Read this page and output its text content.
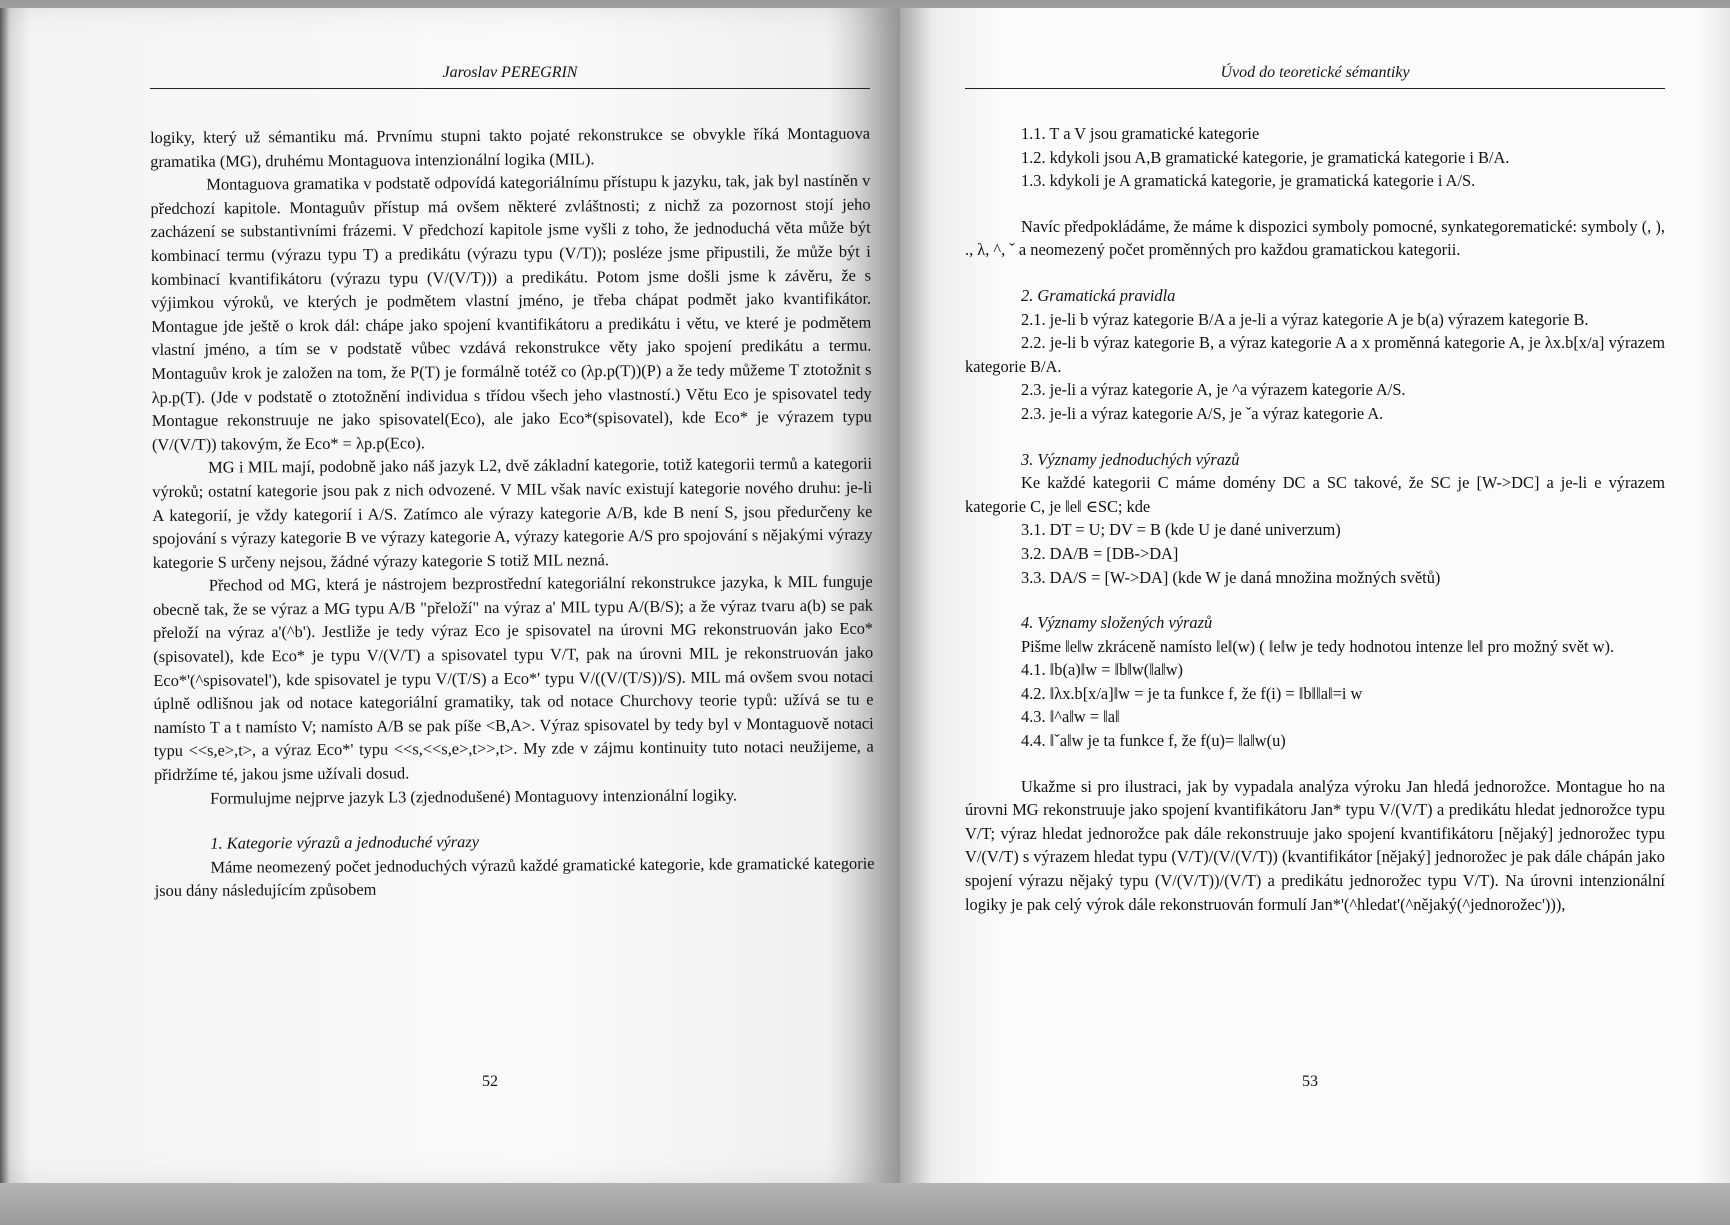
Jaroslav PEREGRIN	Úvod do teoretické sémantiky

logiky, který už sémantiku má. Prvnímu stupni takto pojaté rekonstrukce se obvykle říká Montaguova gramatika (MG), druhému Montaguova intenzionální logika (MIL).

Montaguova gramatika v podstatě odpovídá kategoriálnímu přístupu k jazyku, tak, jak byl nastíněn v předchozí kapitole. Montaguův přístup má ovšem některé zvláštnosti; z nichž za pozornost stojí jeho zacházení se substantivními frázemi. V předchozí kapitole jsme vyšli z toho, že jednoduchá věta může být kombinací termu (výrazu typu T) a predikátu (výrazu typu (V/T)); posléze jsme připustili, že může být i kombinací kvantifikátoru (výrazu typu (V/(V/T))) a predikátu. Potom jsme došli jsme k závěru, že s výjimkou výroků, ve kterých je podmětem vlastní jméno, je třeba chápat podmět jako kvantifikátor. Montague jde ještě o krok dál: chápe jako spojení kvantifikátoru a predikátu i větu, ve které je podmětem vlastní jméno, a tím se v podstatě vůbec vzdává rekonstrukce věty jako spojení predikátu a termu. Montaguův krok je založen na tom, že P(T) je formálně totéž co (λp.p(T))(P) a že tedy můžeme T ztotožnit s λp.p(T). (Jde v podstatě o ztotožnění individua s třídou všech jeho vlastností.) Větu Eco je spisovatel tedy Montague rekonstruuje ne jako spisovatel(Eco), ale jako Eco*(spisovatel), kde Eco* je výrazem typu (V/(V/T)) takovým, že Eco* = λp.p(Eco).

MG i MIL mají, podobně jako náš jazyk L2, dvě základní kategorie, totiž kategorii termů a kategorii výroků; ostatní kategorie jsou pak z nich odvozené. V MIL však navíc existují kategorie nového druhu: je-li A kategorií, je vždy kategorií i A/S. Zatímco ale výrazy kategorie A/B, kde B není S, jsou předurčeny ke spojování s výrazy kategorie B ve výrazy kategorie A, výrazy kategorie A/S pro spojování s nějakými výrazy kategorie S určeny nejsou, žádné výrazy kategorie S totiž MIL nezná.

Přechod od MG, která je nástrojem bezprostřední kategoriální rekonstrukce jazyka, k MIL funguje obecně tak, že se výraz a MG typu A/B "přeloží" na výraz a' MIL typu A/(B/S); a že výraz tvaru a(b) se pak přeloží na výraz a'(^b'). Jestliže je tedy výraz Eco je spisovatel na úrovni MG rekonstruován jako Eco*(spisovatel), kde Eco* je typu V/(V/T) a spisovatel typu V/T, pak na úrovni MIL je rekonstruován jako Eco*'(^spisovatel'), kde spisovatel je typu V/(T/S) a Eco*' typu V/((V/(T/S))/S). MIL má ovšem svou notaci úplně odlišnou jak od notace kategoriální gramatiky, tak od notace Churchovy teorie typů: užívá se tu e namísto T a t namísto V; namísto A/B se pak píše <B,A>. Výraz spisovatel by tedy byl v Montaguově notaci typu <<s,e>,t>, a výraz Eco*' typu <<s,<<s,e>,t>>,t>. My zde v zájmu kontinuity tuto notaci neužijeme, a přidržíme té, jakou jsme užívali dosud.

Formulujme nejprve jazyk L3 (zjednodušené) Montaguovy intenzionální logiky.

1. Kategorie výrazů a jednoduché výrazy

Máme neomezený počet jednoduchých výrazů každé gramatické kategorie, kde gramatické kategorie jsou dány následujícím způsobem

1.1. T a V jsou gramatické kategorie

1.2. kdykoli jsou A,B gramatické kategorie, je gramatická kategorie i B/A.

1.3. kdykoli je A gramatická kategorie, je gramatická kategorie i A/S.

Navíc předpokládáme, že máme k dispozici symboly pomocné, synkategorematické: symboly (, ), ., λ, ^, ˇ a neomezený počet proměnných pro každou gramatickou kategorii.

2. Gramatická pravidla

2.1. je-li b výraz kategorie B/A a je-li a výraz kategorie A je b(a) výrazem kategorie B.

2.2. je-li b výraz kategorie B, a výraz kategorie A a x proměnná kategorie A, je λx.b[x/a] výrazem kategorie B/A.

2.3. je-li a výraz kategorie A, je ^a výrazem kategorie A/S.

2.3. je-li a výraz kategorie A/S, je ˇa výraz kategorie A.

3. Významy jednoduchých výrazů

Ke každé kategorii C máme domény DC a SC takové, že SC je [W->DC] a je-li e výrazem kategorie C, je ‖e‖ ∈SC; kde

3.1. DT = U; DV = B (kde U je dané univerzum)

3.2. DA/B = [DB->DA]

3.3. DA/S = [W->DA] (kde W je daná množina možných světů)

4. Významy složených výrazů

Pišme ‖e‖w zkráceně namísto ‖e‖(w) ( ‖e‖w je tedy hodnotou intenze ‖e‖ pro možný svět w).

4.1. ‖b(a)‖w = ‖b‖w(‖a‖w)

4.2. ‖λx.b[x/a]‖w = je ta funkce f, že f(i) = ‖b‖‖a‖=i w

4.3. ‖^a‖w = ‖a‖

4.4. ‖ˇa‖w je ta funkce f, že f(u)= ‖a‖w(u)

Ukažme si pro ilustraci, jak by vypadala analýza výroku Jan hledá jednorožce. Montague ho na úrovni MG rekonstruuje jako spojení kvantifikátoru Jan* typu V/(V/T) a predikátu hledat jednorožce typu V/T; výraz hledat jednorožce pak dále rekonstruuje jako spojení kvantifikátoru [nějaký] jednorožec typu V/(V/T) s výrazem hledat typu (V/T)/(V/(V/T)) (kvantifikátor [nějaký] jednorožec je pak dále chápán jako spojení výrazu nějaký typu (V/(V/T))/(V/T) a predikátu jednorožec typu V/T). Na úrovni intenzionální logiky je pak celý výrok dále rekonstruován formulí Jan*'(^hledat'(^nějaký(^jednorožec'))),

52	53
